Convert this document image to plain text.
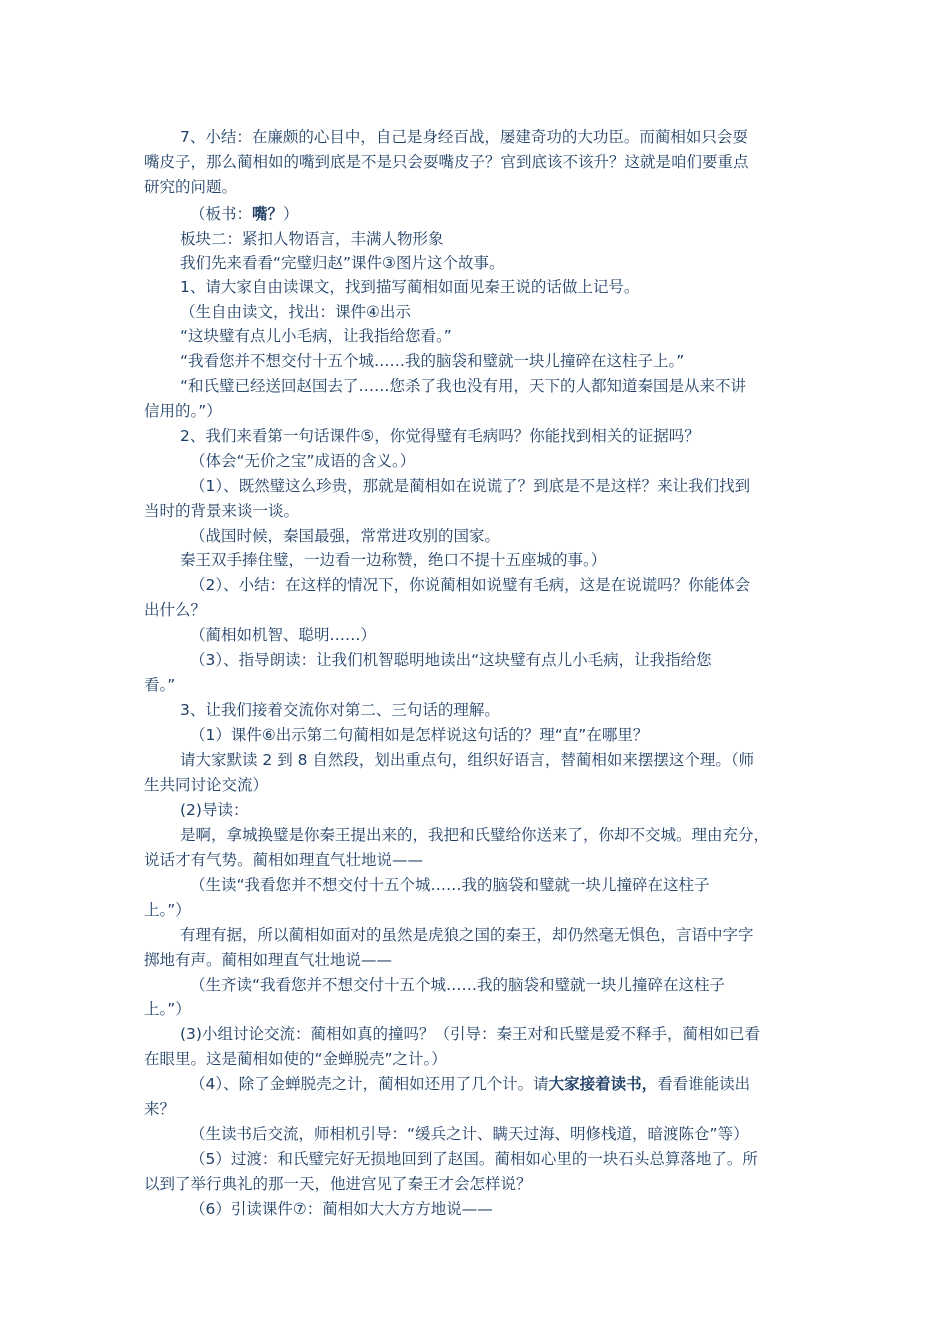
7、小结：在廉颇的心目中，自己是身经百战，屡建奇功的大功臣。而蔺相如只会耍
嘴皮子，那么蔺相如的嘴到底是不是只会耍嘴皮子？官到底该不该升？这就是咱们要重点
研究的问题。
（板书：嘴？）
板块二：紧扣人物语言，丰满人物形象
我们先来看看“完璧归赵”课件③图片这个故事。
1、请大家自由读课文，找到描写蔺相如面见秦王说的话做上记号。
（生自由读文，找出：课件④出示
“这块璧有点儿小毛病，让我指给您看。”
“我看您并不想交付十五个城……我的脑袋和璧就一块儿撞碎在这柱子上。”
“和氏璧已经送回赵国去了……您杀了我也没有用，天下的人都知道秦国是从来不讲
信用的。”）
2、我们来看第一句话课件⑤，你觉得璧有毛病吗？你能找到相关的证据吗？
（体会“无价之宝”成语的含义。）
（1）、既然璧这么珍贵，那就是蔺相如在说谎了？到底是不是这样？来让我们找到
当时的背景来谈一谈。
（战国时候，秦国最强，常常进攻别的国家。
秦王双手捧住璧，一边看一边称赞，绝口不提十五座城的事。）
（2）、小结：在这样的情况下，你说蔺相如说璧有毛病，这是在说谎吗？你能体会
出什么？
（蔺相如机智、聪明……）
（3）、指导朗读：让我们机智聪明地读出“这块璧有点儿小毛病，让我指给您
看。”
3、让我们接着交流你对第二、三句话的理解。
（1）课件⑥出示第二句蔺相如是怎样说这句话的？理“直”在哪里？
请大家默读 2 到 8 自然段，划出重点句，组织好语言，替蔺相如来摆摆这个理。（师
生共同讨论交流）
(2)导读：
是啊，拿城换璧是你秦王提出来的，我把和氏璧给你送来了，你却不交城。理由充分，
说话才有气势。蔺相如理直气壮地说——
（生读“我看您并不想交付十五个城……我的脑袋和璧就一块儿撞碎在这柱子
上。”）
有理有据，所以蔺相如面对的虽然是虎狼之国的秦王，却仍然毫无惧色，言语中字字
掷地有声。蔺相如理直气壮地说——
（生齐读“我看您并不想交付十五个城……我的脑袋和璧就一块儿撞碎在这柱子
上。”）
(3)小组讨论交流：蔺相如真的撞吗？（引导：秦王对和氏璧是爱不释手，蔺相如已看
在眼里。这是蔺相如使的“金蝉脱壳”之计。）
（4）、除了金蝉脱壳之计，蔺相如还用了几个计。请大家接着读书，看看谁能读出
来？
（生读书后交流，师相机引导：“缓兵之计、瞒天过海、明修栈道，暗渡陈仓”等）
（5）过渡：和氏璧完好无损地回到了赵国。蔺相如心里的一块石头总算落地了。所
以到了举行典礼的那一天，他进宫见了秦王才会怎样说？
（6）引读课件⑦：蔺相如大大方方地说——
